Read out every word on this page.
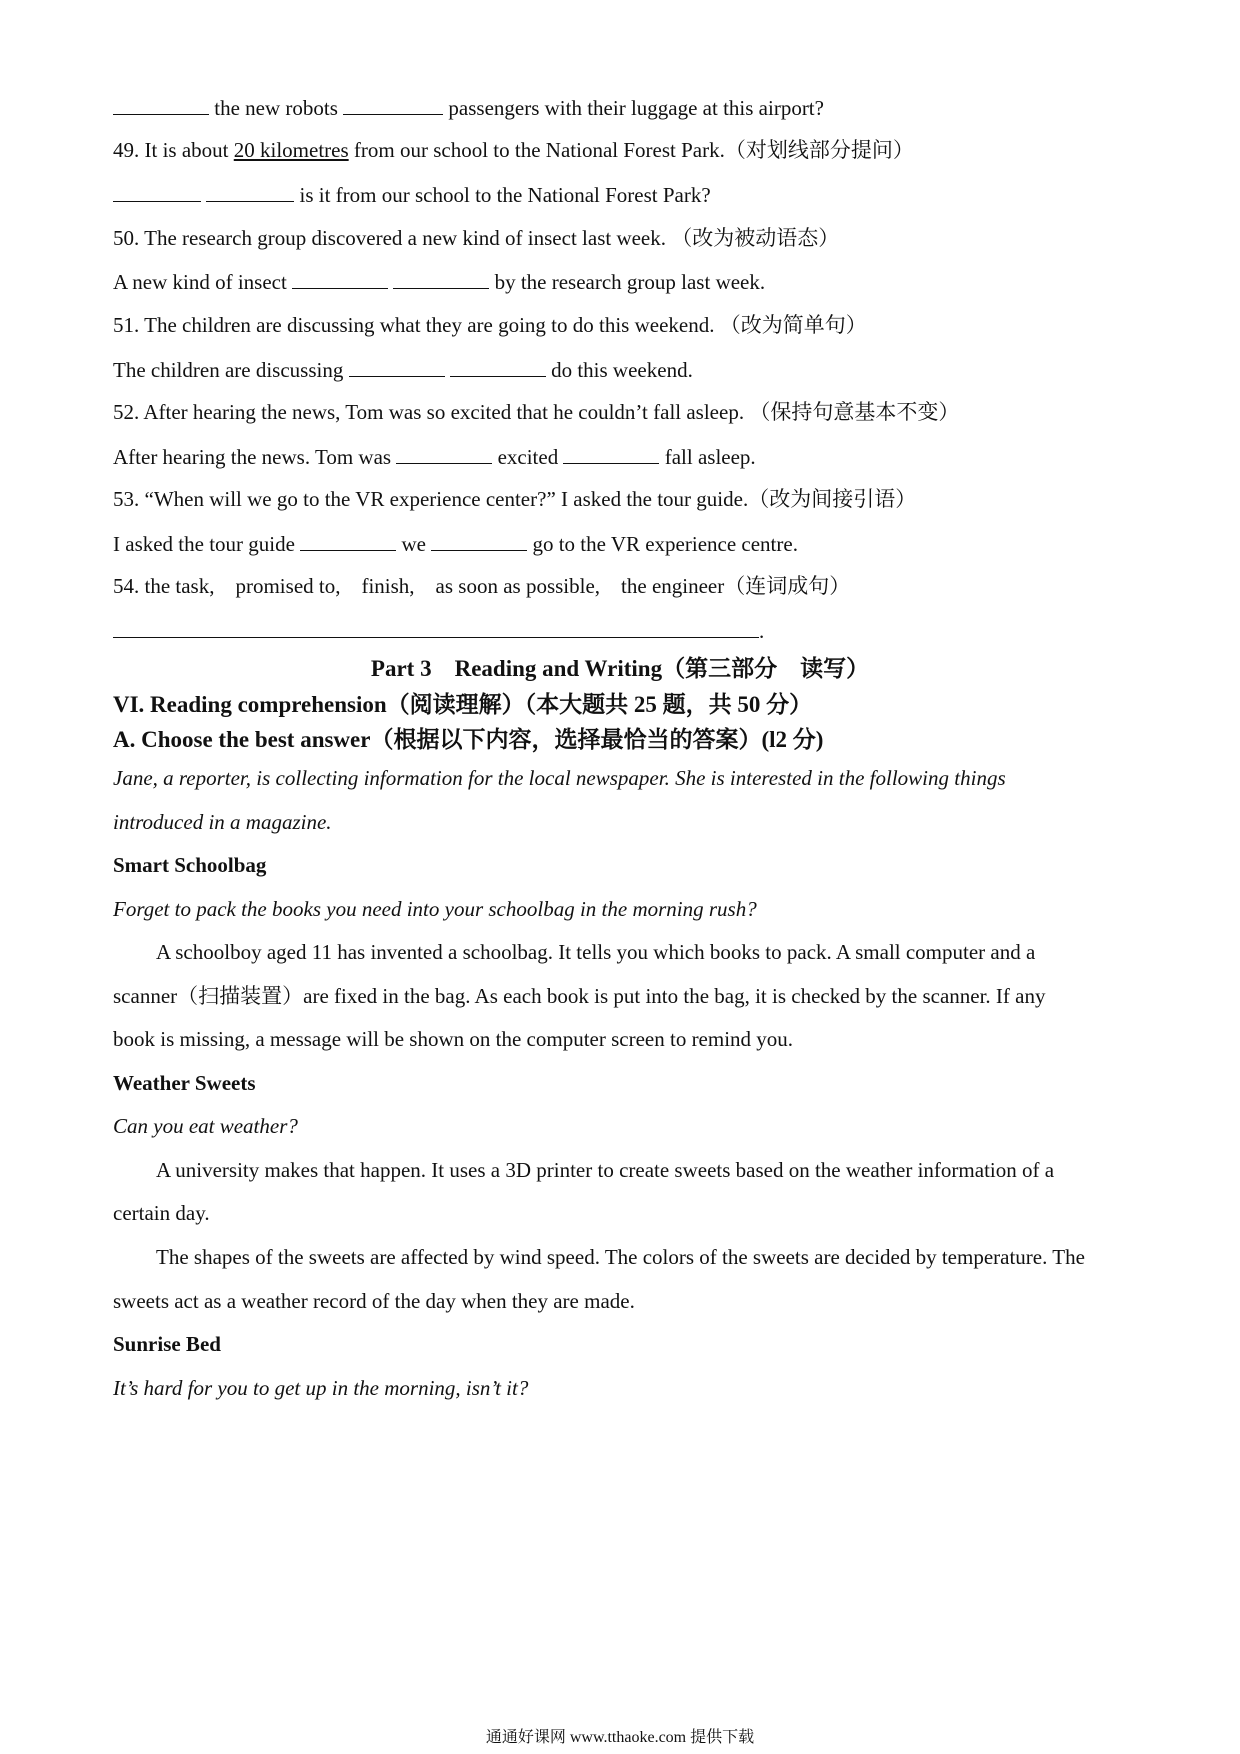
the new robots	passengers with their luggage at this airport?
49. It is about 20 kilometres from our school to the National Forest Park.（对划线部分提问）
is it from our school to the National Forest Park?
50. The research group discovered a new kind of insect last week. （改为被动语态）
A new kind of insect	by the research group last week.
51. The children are discussing what they are going to do this weekend. （改为简单句）
The children are discussing	do this weekend.
52. After hearing the news, Tom was so excited that he couldn’t fall asleep. （保持句意基本不变）
After hearing the news. Tom was	excited	fall asleep.
53. “When will we go to the VR experience center?” I asked the tour guide.（改为间接引语）
I asked the tour guide	we	go to the VR experience centre.
54. the task,    promised to,    finish,    as soon as possible,    the engineer（连词成句）
.
Part 3    Reading and Writing（第三部分    读写）
VI. Reading comprehension（阅读理解）（本大题共 25 题，共 50 分）
A. Choose the best answer（根据以下内容，选择最恰当的答案）(l2 分)
Jane, a reporter, is collecting information for the local newspaper. She is interested in the following things
introduced in a magazine.
Smart Schoolbag
Forget to pack the books you need into your schoolbag in the morning rush?
A schoolboy aged 11 has invented a schoolbag. It tells you which books to pack. A small computer and a
scanner（扫描装置）are fixed in the bag. As each book is put into the bag, it is checked by the scanner. If any
book is missing, a message will be shown on the computer screen to remind you.
Weather Sweets
Can you eat weather?
A university makes that happen. It uses a 3D printer to create sweets based on the weather information of a
certain day.
The shapes of the sweets are affected by wind speed. The colors of the sweets are decided by temperature. The
sweets act as a weather record of the day when they are made.
Sunrise Bed
It’s hard for you to get up in the morning, isn’t it?
通通好课网 www.tthaoke.com 提供下载
